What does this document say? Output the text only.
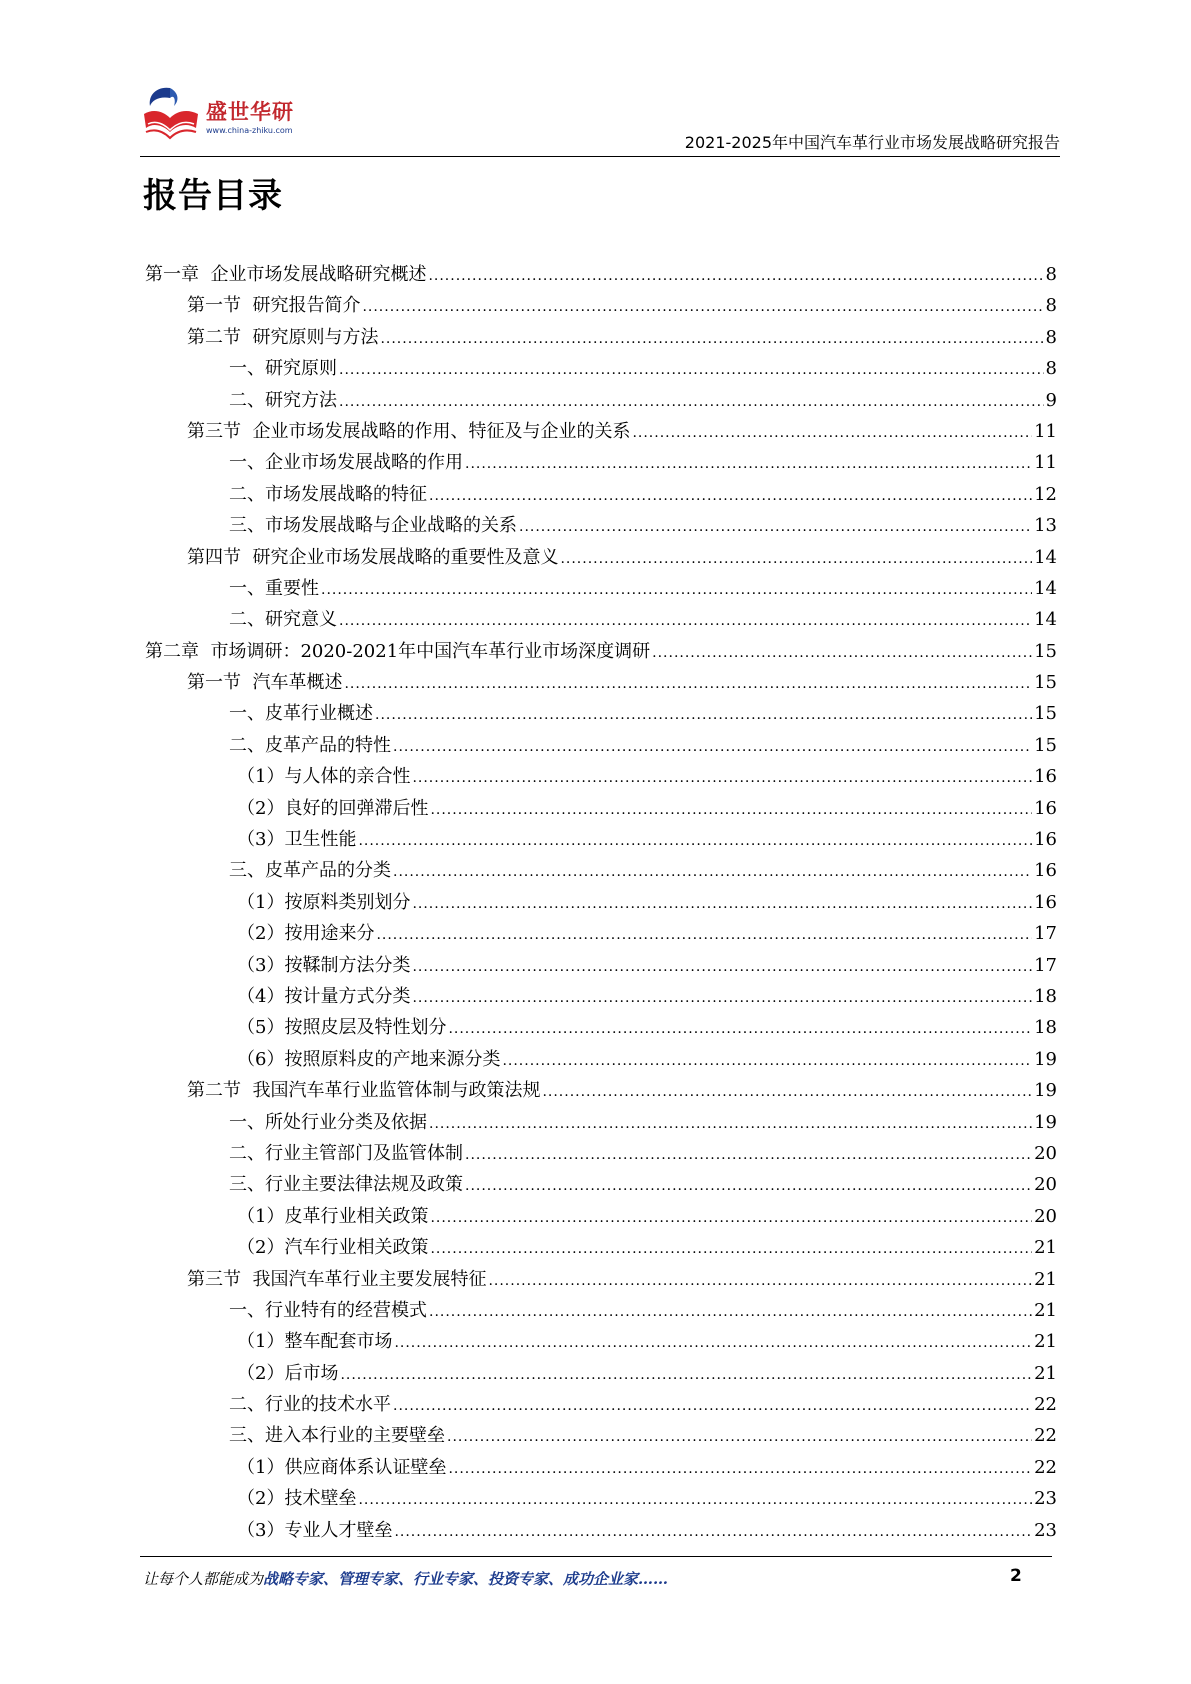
盛世华研
www.china-zhiku.com
2021-2025年中国汽车革行业市场发展战略研究报告
报告目录
第一章  企业市场发展战略研究概述 .....	8
第一节  研究报告简介 .....	8
第二节  研究原则与方法 .....	8
一、研究原则 .....	8
二、研究方法 .....	9
第三节  企业市场发展战略的作用、特征及与企业的关系 .....	11
一、企业市场发展战略的作用 .....	11
二、市场发展战略的特征 .....	12
三、市场发展战略与企业战略的关系 .....	13
第四节  研究企业市场发展战略的重要性及意义 .....	14
一、重要性 .....	14
二、研究意义 .....	14
第二章  市场调研：2020-2021年中国汽车革行业市场深度调研 .....	15
第一节  汽车革概述 .....	15
一、皮革行业概述 .....	15
二、皮革产品的特性 .....	15
（1）与人体的亲合性 .....	16
（2）良好的回弹滞后性 .....	16
（3）卫生性能 .....	16
三、皮革产品的分类 .....	16
（1）按原料类别划分 .....	16
（2）按用途来分 .....	17
（3）按鞣制方法分类 .....	17
（4）按计量方式分类 .....	18
（5）按照皮层及特性划分 .....	18
（6）按照原料皮的产地来源分类 .....	19
第二节  我国汽车革行业监管体制与政策法规 .....	19
一、所处行业分类及依据 .....	19
二、行业主管部门及监管体制 .....	20
三、行业主要法律法规及政策 .....	20
（1）皮革行业相关政策 .....	20
（2）汽车行业相关政策 .....	21
第三节  我国汽车革行业主要发展特征 .....	21
一、行业特有的经营模式 .....	21
（1）整车配套市场 .....	21
（2）后市场 .....	21
二、行业的技术水平 .....	22
三、进入本行业的主要壁垒 .....	22
（1）供应商体系认证壁垒 .....	22
（2）技术壁垒 .....	23
（3）专业人才壁垒 .....	23
让每个人都能成为战略专家、管理专家、行业专家、投资专家、成功企业家……	2
